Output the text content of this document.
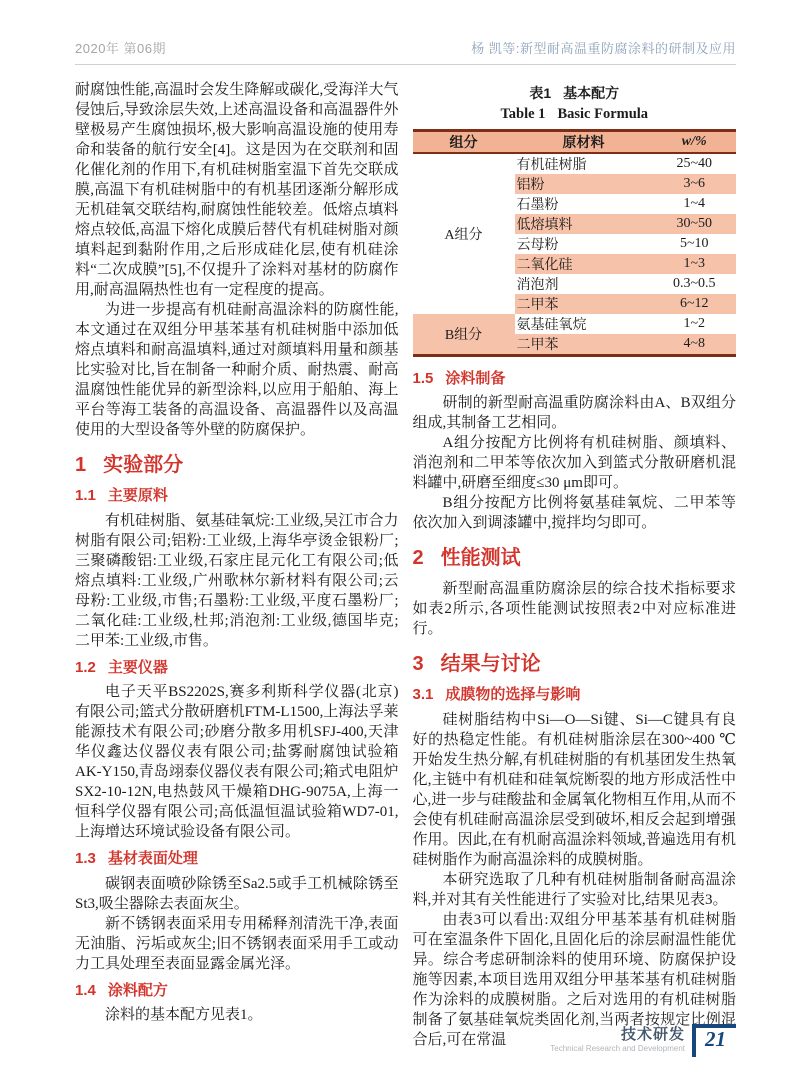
2020年 第06期	杨 凯等:新型耐高温重防腐涂料的研制及应用

耐腐蚀性能,高温时会发生降解或碳化,受海洋大气侵蚀后,导致涂层失效,上述高温设备和高温器件外壁极易产生腐蚀损坏,极大影响高温设施的使用寿命和装备的航行安全[4]。这是因为在交联剂和固化催化剂的作用下,有机硅树脂室温下首先交联成膜,高温下有机硅树脂中的有机基团逐渐分解形成无机硅氧交联结构,耐腐蚀性能较差。低熔点填料熔点较低,高温下熔化成膜后替代有机硅树脂对颜填料起到黏附作用,之后形成硅化层,使有机硅涂料“二次成膜”[5],不仅提升了涂料对基材的防腐作用,耐高温隔热性也有一定程度的提高。

为进一步提高有机硅耐高温涂料的防腐性能,本文通过在双组分甲基苯基有机硅树脂中添加低熔点填料和耐高温填料,通过对颜填料用量和颜基比实验对比,旨在制备一种耐介质、耐热震、耐高温腐蚀性能优异的新型涂料,以应用于船舶、海上平台等海工装备的高温设备、高温器件以及高温使用的大型设备等外壁的防腐保护。

1 实验部分
1.1 主要原料

有机硅树脂、氨基硅氧烷:工业级,吴江市合力树脂有限公司;铝粉:工业级,上海华亭烫金银粉厂;三聚磷酸铝:工业级,石家庄昆元化工有限公司;低熔点填料:工业级,广州歌林尔新材料有限公司;云母粉:工业级,市售;石墨粉:工业级,平度石墨粉厂;二氧化硅:工业级,杜邦;消泡剂:工业级,德国毕克;二甲苯:工业级,市售。

1.2 主要仪器

电子天平BS2202S,赛多利斯科学仪器(北京)有限公司;篮式分散研磨机FTM-L1500,上海法孚莱能源技术有限公司;砂磨分散多用机SFJ-400,天津华仪鑫达仪器仪表有限公司;盐雾耐腐蚀试验箱AK-Y150,青岛翊泰仪器仪表有限公司;箱式电阻炉SX2-10-12N,电热鼓风干燥箱DHG-9075A,上海一恒科学仪器有限公司;高低温恒温试验箱WD7-01,上海增达环境试验设备有限公司。

1.3 基材表面处理

碳钢表面喷砂除锈至Sa2.5或手工机械除锈至St3,吸尘器除去表面灰尘。

新不锈钢表面采用专用稀释剂清洗干净,表面无油脂、污垢或灰尘;旧不锈钢表面采用手工或动力工具处理至表面显露金属光泽。

1.4 涂料配方

涂料的基本配方见表1。

表1 基本配方
Table 1 Basic Formula
组分	原材料	w/%
A组分	有机硅树脂	25~40
	铝粉	3~6
	石墨粉	1~4
	低熔填料	30~50
	云母粉	5~10
	二氧化硅	1~3
	消泡剂	0.3~0.5
	二甲苯	6~12
B组分	氨基硅氧烷	1~2
	二甲苯	4~8
1.5 涂料制备

研制的新型耐高温重防腐涂料由A、B双组分组成,其制备工艺相同。

A组分按配方比例将有机硅树脂、颜填料、消泡剂和二甲苯等依次加入到篮式分散研磨机混料罐中,研磨至细度≤30 μm即可。

B组分按配方比例将氨基硅氧烷、二甲苯等依次加入到调漆罐中,搅拌均匀即可。

2 性能测试

新型耐高温重防腐涂层的综合技术指标要求如表2所示,各项性能测试按照表2中对应标准进行。

3 结果与讨论
3.1 成膜物的选择与影响

硅树脂结构中Si—O—Si键、Si—C键具有良好的热稳定性能。有机硅树脂涂层在300~400 ℃开始发生热分解,有机硅树脂的有机基团发生热氧化,主链中有机硅和硅氧烷断裂的地方形成活性中心,进一步与硅酸盐和金属氧化物相互作用,从而不会使有机硅耐高温涂层受到破坏,相反会起到增强作用。因此,在有机耐高温涂料领域,普遍选用有机硅树脂作为耐高温涂料的成膜树脂。

本研究选取了几种有机硅树脂制备耐高温涂料,并对其有关性能进行了实验对比,结果见表3。

由表3可以看出:双组分甲基苯基有机硅树脂可在室温条件下固化,且固化后的涂层耐温性能优异。综合考虑研制涂料的使用环境、防腐保护设施等因素,本项目选用双组分甲基苯基有机硅树脂作为涂料的成膜树脂。之后对选用的有机硅树脂制备了氨基硅氧烷类固化剂,当两者按规定比例混合后,可在常温	技术研发
Technical Research and Development 21
